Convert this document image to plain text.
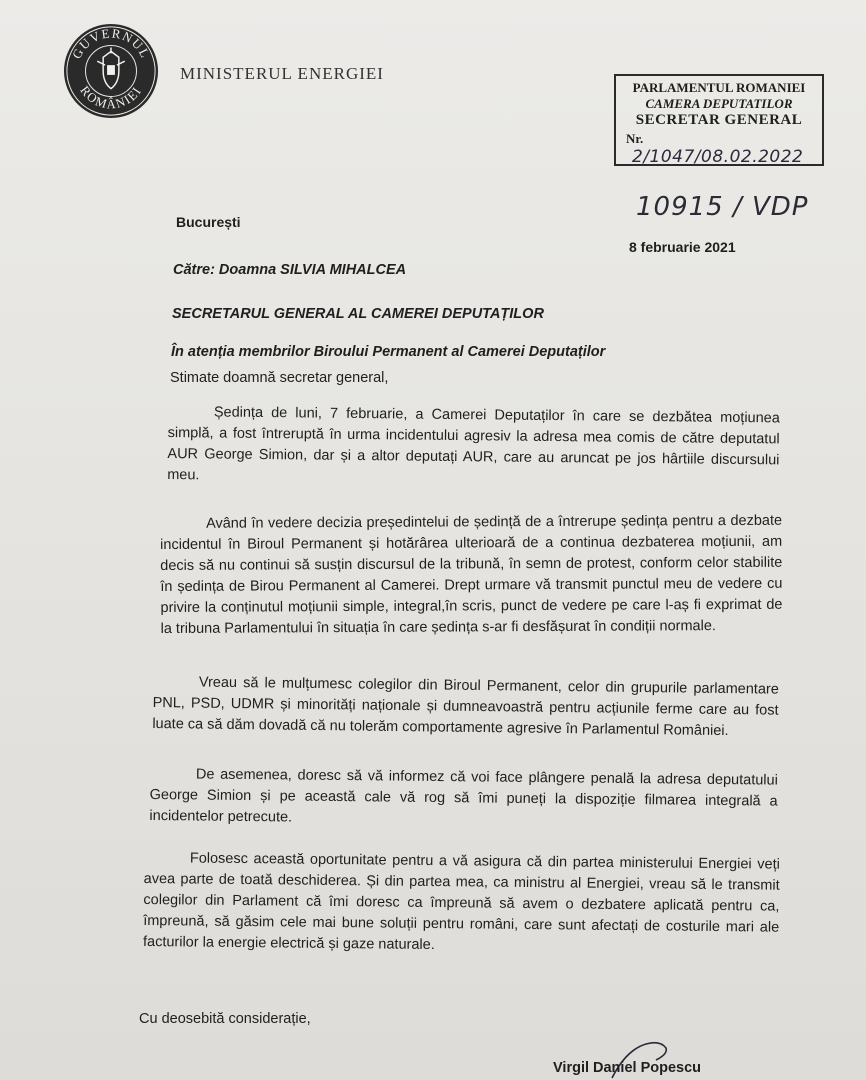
GUVERNUL
ROMÂNIEI
MINISTERUL ENERGIEI
PARLAMENTUL ROMANIEI
CAMERA DEPUTATILOR
SECRETAR GENERAL
Nr. 2/1047/08.02.2022
10915 / VDP
București
8 februarie 2021
Către: Doamna SILVIA MIHALCEA
SECRETARUL GENERAL AL CAMEREI DEPUTAȚILOR
În atenția membrilor Biroului Permanent al Camerei Deputaților
Stimate doamnă secretar general,

Ședința de luni, 7 februarie, a Camerei Deputaților în care se dezbătea moțiunea simplă, a fost întreruptă în urma incidentului agresiv la adresa mea comis de către deputatul AUR George Simion, dar și a altor deputați AUR, care au aruncat pe jos hârtiile discursului meu.

Având în vedere decizia președintelui de ședință de a întrerupe ședința pentru a dezbate incidentul în Biroul Permanent și hotărârea ulterioară de a continua dezbaterea moțiunii, am decis să nu continui să susțin discursul de la tribună, în semn de protest, conform celor stabilite în ședința de Birou Permanent al Camerei. Drept urmare vă transmit punctul meu de vedere cu privire la conținutul moțiunii simple, integral,în scris, punct de vedere pe care l-aș fi exprimat de la tribuna Parlamentului în situația în care ședința s-ar fi desfășurat în condiții normale.

Vreau să le mulțumesc colegilor din Biroul Permanent, celor din grupurile parlamentare PNL, PSD, UDMR și minorități naționale și dumneavoastră pentru acțiunile ferme care au fost luate ca să dăm dovadă că nu tolerăm comportamente agresive în Parlamentul României.

De asemenea, doresc să vă informez că voi face plângere penală la adresa deputatului George Simion și pe această cale vă rog să îmi puneți la dispoziție filmarea integrală a incidentelor petrecute.

Folosesc această oportunitate pentru a vă asigura că din partea ministerului Energiei veți avea parte de toată deschiderea. Și din partea mea, ca ministru al Energiei, vreau să le transmit colegilor din Parlament că îmi doresc ca împreună să avem o dezbatere aplicată pentru ca, împreună, să găsim cele mai bune soluții pentru români, care sunt afectați de costurile mari ale facturilor la energie electrică și gaze naturale.

Cu deosebită considerație,
Virgil Daniel Popescu
